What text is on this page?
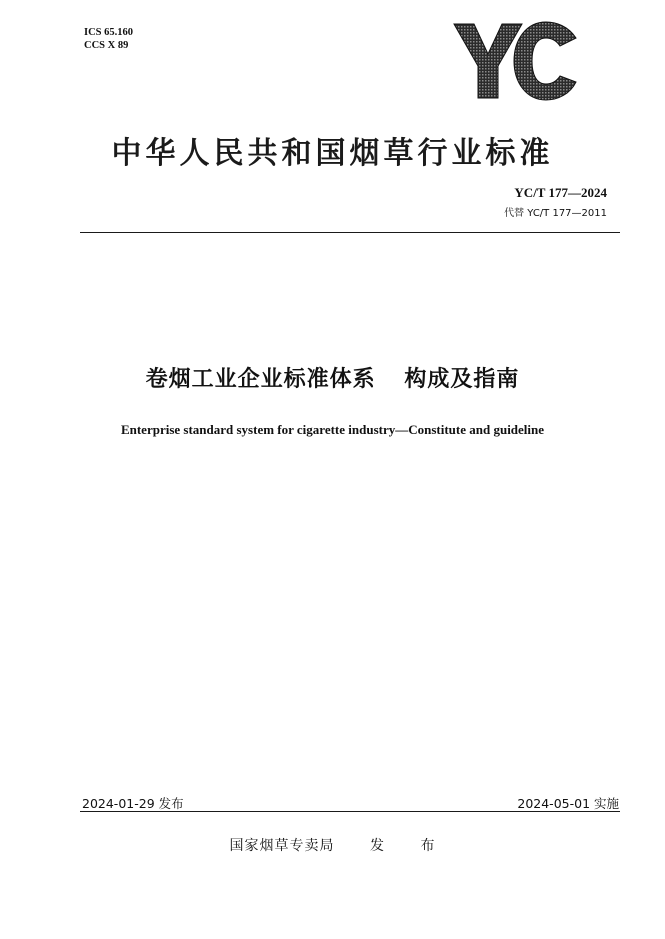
ICS 65.160
CCS X 89
中华人民共和国烟草行业标准
YC/T 177—2024
代替 YC/T 177—2011
卷烟工业企业标准体系 构成及指南
Enterprise standard system for cigarette industry—Constitute and guideline
2024-01-29 发布	2024-05-01 实施
国家烟草专卖局 发 布
